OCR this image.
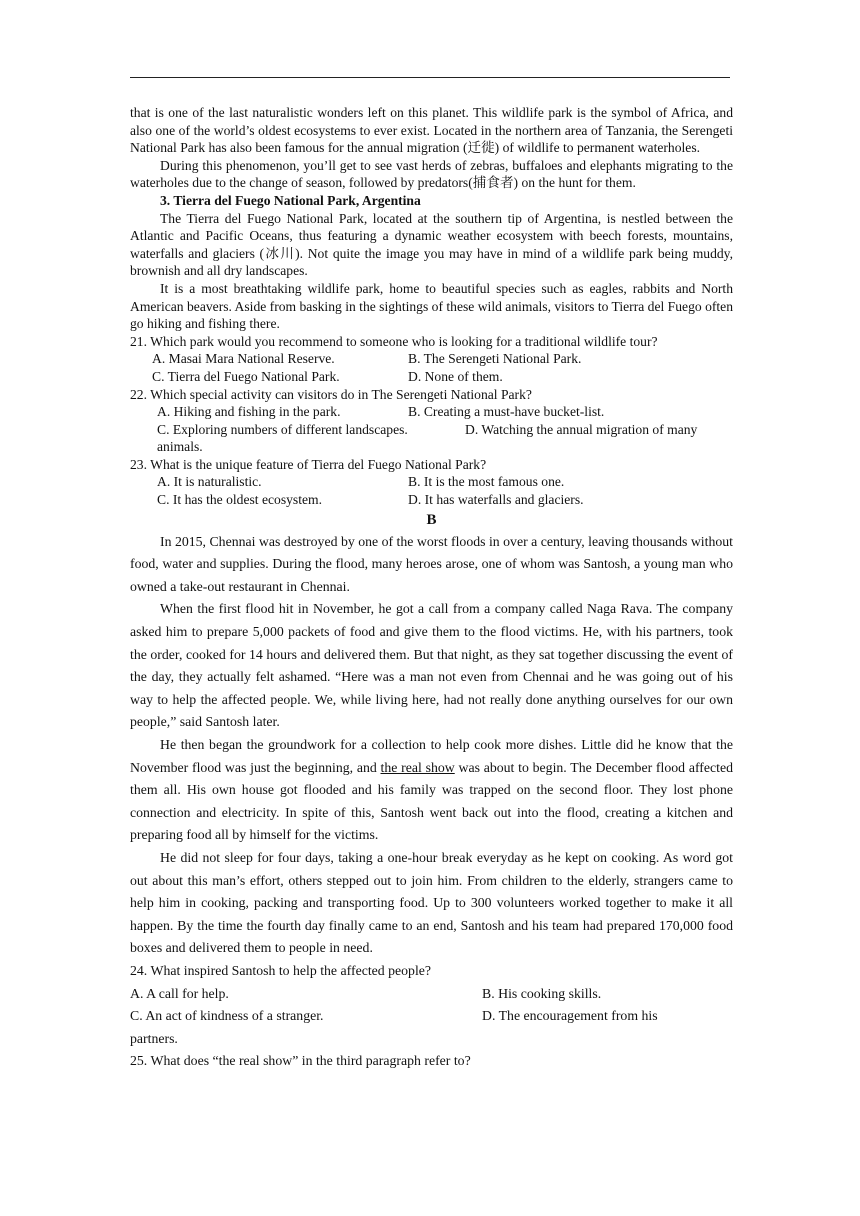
that is one of the last naturalistic wonders left on this planet. This wildlife park is the symbol of Africa, and also one of the world’s oldest ecosystems to ever exist. Located in the northern area of Tanzania, the Serengeti National Park has also been famous for the annual migration (迁徙) of wildlife to permanent waterholes.

During this phenomenon, you’ll get to see vast herds of zebras, buffaloes and elephants migrating to the waterholes due to the change of season, followed by predators(捕食者) on the hunt for them.

3. Tierra del Fuego National Park, Argentina

The Tierra del Fuego National Park, located at the southern tip of Argentina, is nestled between the Atlantic and Pacific Oceans, thus featuring a dynamic weather ecosystem with beech forests, mountains, waterfalls and glaciers (冰川). Not quite the image you may have in mind of a wildlife park being muddy, brownish and all dry landscapes.

It is a most breathtaking wildlife park, home to beautiful species such as eagles, rabbits and North American beavers. Aside from basking in the sightings of these wild animals, visitors to Tierra del Fuego often go hiking and fishing there.

21. Which park would you recommend to someone who is looking for a traditional wildlife tour?

A. Masai Mara National Reserve.	B. The Serengeti National Park.
C. Tierra del Fuego National Park.	D. None of them.

22. Which special activity can visitors do in The Serengeti National Park?

A. Hiking and fishing in the park.	B. Creating a must-have bucket-list.
C. Exploring numbers of different landscapes.	D. Watching the annual migration of many
animals.

23. What is the unique feature of Tierra del Fuego National Park?

A. It is naturalistic.	B. It is the most famous one.
C. It has the oldest ecosystem.	D. It has waterfalls and glaciers.
B

In 2015, Chennai was destroyed by one of the worst floods in over a century, leaving thousands without food, water and supplies. During the flood, many heroes arose, one of whom was Santosh, a young man who owned a take-out restaurant in Chennai.

When the first flood hit in November, he got a call from a company called Naga Rava. The company asked him to prepare 5,000 packets of food and give them to the flood victims. He, with his partners, took the order, cooked for 14 hours and delivered them. But that night, as they sat together discussing the event of the day, they actually felt ashamed. “Here was a man not even from Chennai and he was going out of his way to help the affected people. We, while living here, had not really done anything ourselves for our own people,” said Santosh later.

He then began the groundwork for a collection to help cook more dishes. Little did he know that the November flood was just the beginning, and the real show was about to begin. The December flood affected them all. His own house got flooded and his family was trapped on the second floor. They lost phone connection and electricity. In spite of this, Santosh went back out into the flood, creating a kitchen and preparing food all by himself for the victims.

He did not sleep for four days, taking a one-hour break everyday as he kept on cooking. As word got out about this man’s effort, others stepped out to join him. From children to the elderly, strangers came to help him in cooking, packing and transporting food. Up to 300 volunteers worked together to make it all happen. By the time the fourth day finally came to an end, Santosh and his team had prepared 170,000 food boxes and delivered them to people in need.

24. What inspired Santosh to help the affected people?

A. A call for help.	B. His cooking skills.
C. An act of kindness of a stranger.	D. The encouragement from his

partners.

25. What does “the real show” in the third paragraph refer to?
